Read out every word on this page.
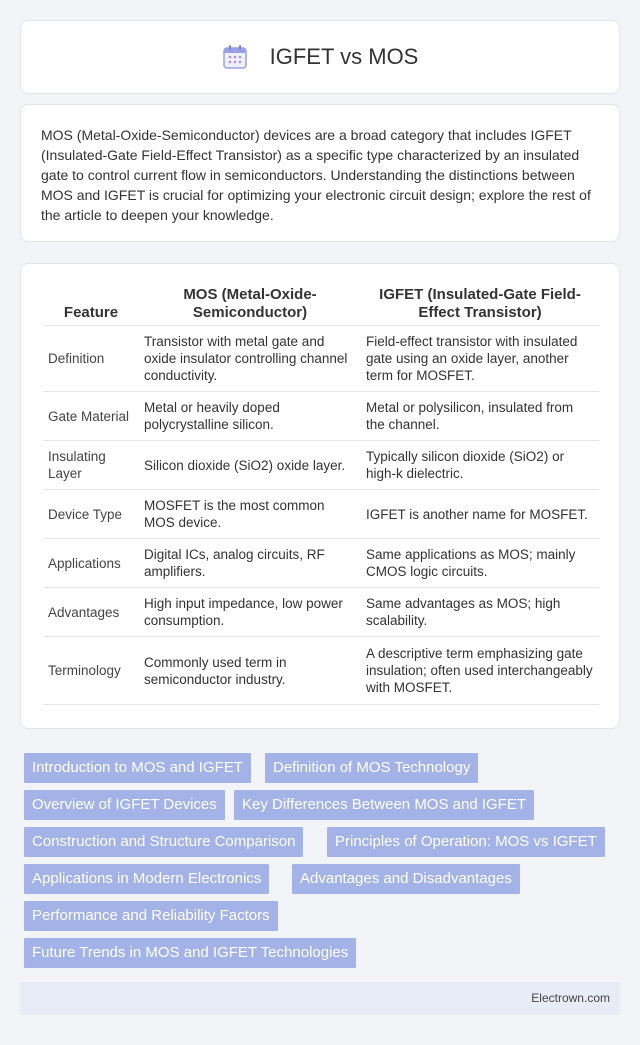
IGFET vs MOS

MOS (Metal-Oxide-Semiconductor) devices are a broad category that includes IGFET (Insulated-Gate Field-Effect Transistor) as a specific type characterized by an insulated gate to control current flow in semiconductors. Understanding the distinctions between MOS and IGFET is crucial for optimizing your electronic circuit design; explore the rest of the article to deepen your knowledge.

Feature	MOS (Metal-Oxide-Semiconductor)	IGFET (Insulated-Gate Field-Effect Transistor)
Definition	Transistor with metal gate and oxide insulator controlling channel conductivity.	Field-effect transistor with insulated gate using an oxide layer, another term for MOSFET.
Gate Material	Metal or heavily doped polycrystalline silicon.	Metal or polysilicon, insulated from the channel.
Insulating Layer	Silicon dioxide (SiO2) oxide layer.	Typically silicon dioxide (SiO2) or high-k dielectric.
Device Type	MOSFET is the most common MOS device.	IGFET is another name for MOSFET.
Applications	Digital ICs, analog circuits, RF amplifiers.	Same applications as MOS; mainly CMOS logic circuits.
Advantages	High input impedance, low power consumption.	Same advantages as MOS; high scalability.
Terminology	Commonly used term in semiconductor industry.	A descriptive term emphasizing gate insulation; often used interchangeably with MOSFET.
Introduction to MOS and IGFET	Definition of MOS Technology
Overview of IGFET Devices	Key Differences Between MOS and IGFET
Construction and Structure Comparison	Principles of Operation: MOS vs IGFET
Applications in Modern Electronics	Advantages and Disadvantages
Performance and Reliability Factors
Future Trends in MOS and IGFET Technologies
Electrown.com
